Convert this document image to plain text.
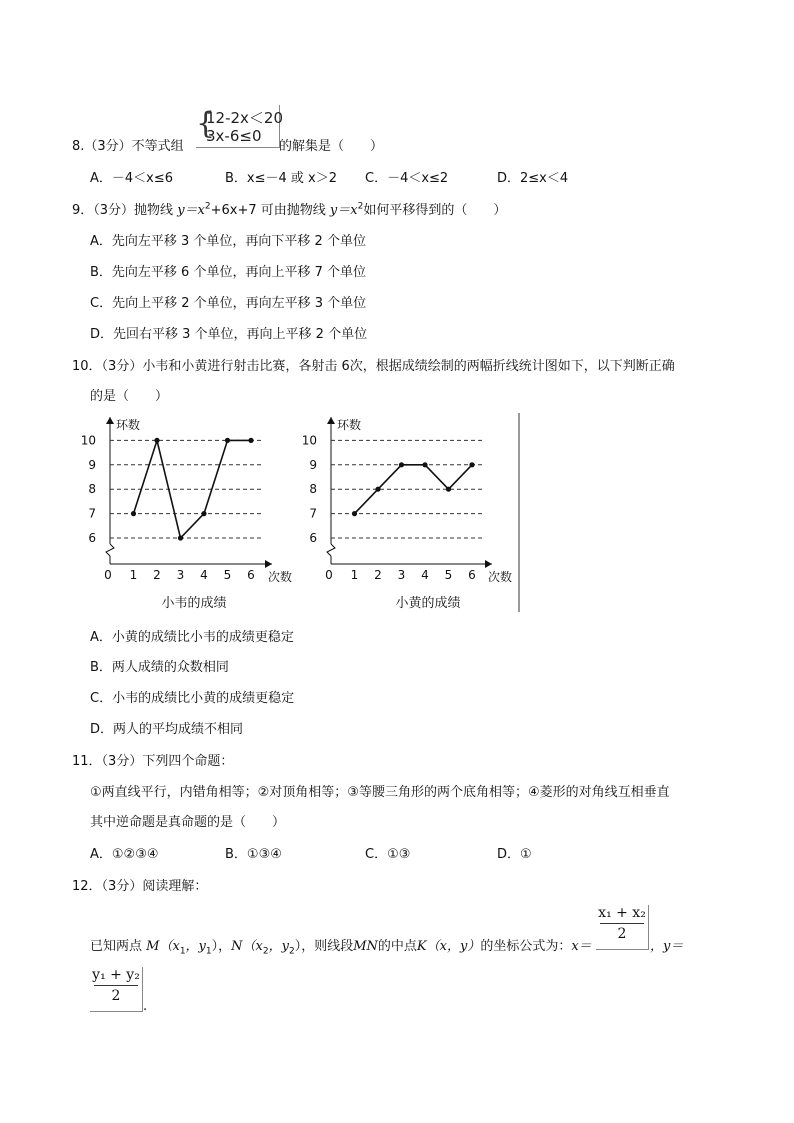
8.（3分）不等式组
{
12-2x＜20
3x-6≤0
的解集是（　　）
A．－4＜x≤6	B．x≤－4 或 x＞2 C．－4＜x≤2	D．2≤x＜4
9．（3分）抛物线 $y=x^2+6x+7$ 可由抛物线 $y=x^2$如何平移得到的（　　）
A．先向左平移 3 个单位，再向下平移 2 个单位
B．先向左平移 6 个单位，再向上平移 7 个单位
C．先向上平移 2 个单位，再向左平移 3 个单位
D．先回右平移 3 个单位，再向上平移 2 个单位
10．（3分）小韦和小黄进行射击比赛，各射击 6次，根据成绩绘制的两幅折线统计图如下，以下判断正确
的是（　　）
6
7
8
9
10
0 1 2 3 4 5 6
环数
次数
小韦的成绩
6
7
8
9
10
0 1 2 3 4 5 6
环数
次数
小黄的成绩
A．小黄的成绩比小韦的成绩更稳定
B．两人成绩的众数相同
C．小韦的成绩比小黄的成绩更稳定
D．两人的平均成绩不相同
11．（3分）下列四个命题：
①两直线平行，内错角相等；②对顶角相等；③等腰三角形的两个底角相等；④菱形的对角线互相垂直
其中逆命题是真命题的是（　　）
A．①②③④	B．①③④	C．①③	D．①
12．（3分）阅读理解：
已知两点 $M(x_1$，$y_1$），$N(x_2$，$y_2$），则线段MN的中点K（x，y）的坐标公式为：x＝
x₁ + x₂
2
，y＝
y₁ + y₂
2
.
